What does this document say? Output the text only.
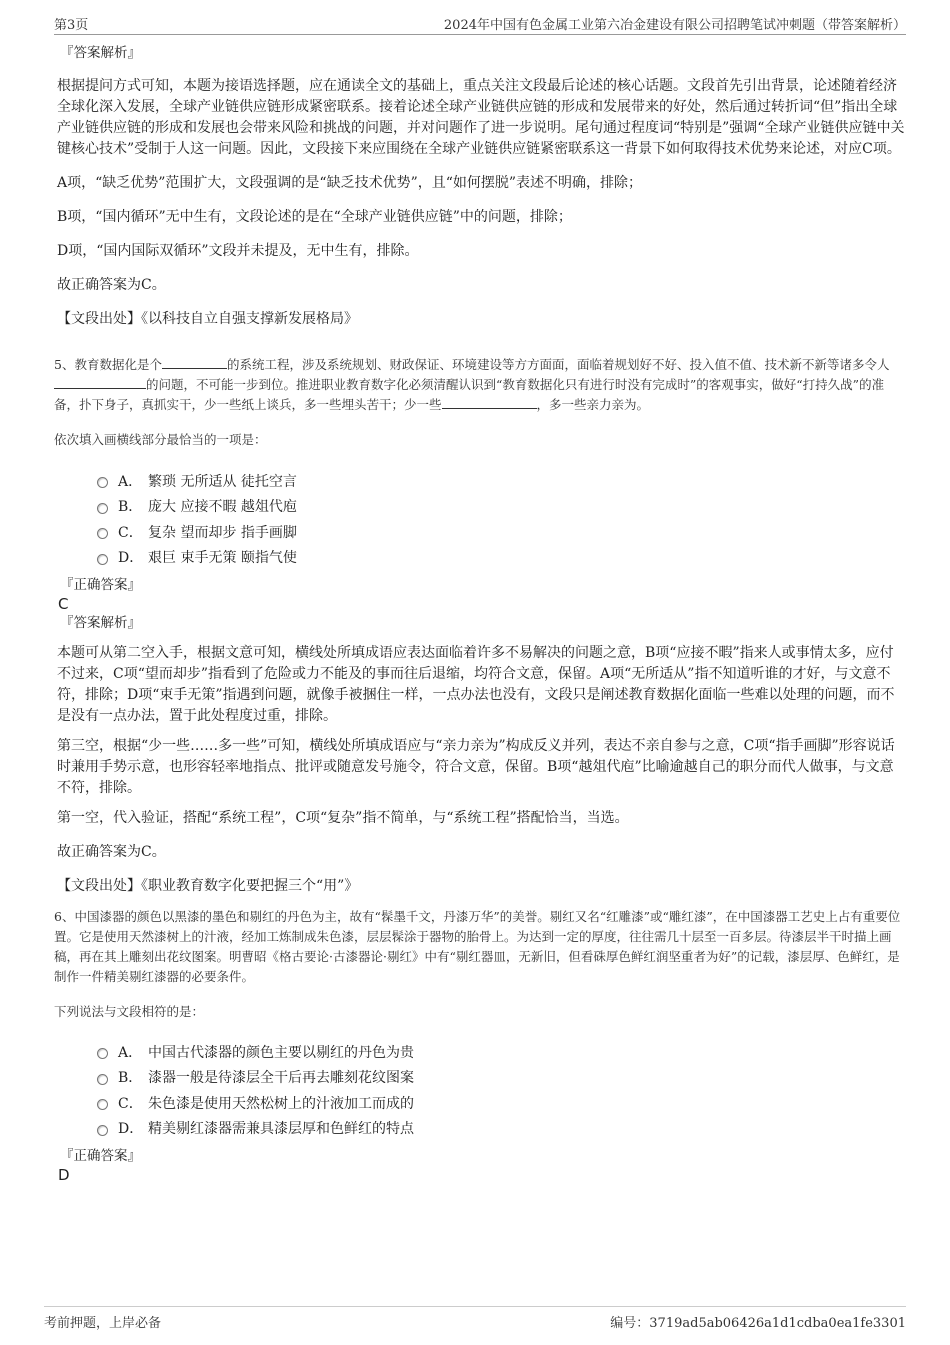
第3页	2024年中国有色金属工业第六冶金建设有限公司招聘笔试冲刺题（带答案解析）
『答案解析』

根据提问方式可知，本题为接语选择题，应在通读全文的基础上，重点关注文段最后论述的核心话题。文段首先引出背景，论述随着经济全球化深入发展，全球产业链供应链形成紧密联系。接着论述全球产业链供应链的形成和发展带来的好处，然后通过转折词“但”指出全球产业链供应链的形成和发展也会带来风险和挑战的问题，并对问题作了进一步说明。尾句通过程度词“特别是”强调“全球产业链供应链中关键核心技术”受制于人这一问题。因此，文段接下来应围绕在全球产业链供应链紧密联系这一背景下如何取得技术优势来论述，对应C项。

A项，“缺乏优势”范围扩大，文段强调的是“缺乏技术优势”，且“如何摆脱”表述不明确，排除；

B项，“国内循环”无中生有，文段论述的是在“全球产业链供应链”中的问题，排除；

D项，“国内国际双循环”文段并未提及，无中生有，排除。

故正确答案为C。

【文段出处】《以科技自立自强支撑新发展格局》

5、教育数据化是个	的系统工程，涉及系统规划、财政保证、环境建设等方方面面，面临着规划好不好、投入值不值、技术新不新等诸多令人的问题，不可能一步到位。推进职业教育数字化必须清醒认识到“教育数据化只有进行时没有完成时”的客观事实，做好“打持久战”的准备，扑下身子，真抓实干，少一些纸上谈兵，多一些埋头苦干；少一些	，多一些亲力亲为。

依次填入画横线部分最恰当的一项是：

A． 繁琐 无所适从 徒托空言
B． 庞大 应接不暇 越俎代庖
C． 复杂 望而却步 指手画脚
D． 艰巨 束手无策 颐指气使
『正确答案』
C
『答案解析』

本题可从第二空入手，根据文意可知，横线处所填成语应表达面临着许多不易解决的问题之意，B项“应接不暇”指来人或事情太多，应付不过来，C项“望而却步”指看到了危险或力不能及的事而往后退缩，均符合文意，保留。A项“无所适从”指不知道听谁的才好，与文意不符，排除；D项“束手无策”指遇到问题，就像手被捆住一样，一点办法也没有，文段只是阐述教育数据化面临一些难以处理的问题，而不是没有一点办法，置于此处程度过重，排除。

第三空，根据“少一些……多一些”可知，横线处所填成语应与“亲力亲为”构成反义并列，表达不亲自参与之意，C项“指手画脚”形容说话时兼用手势示意，也形容轻率地指点、批评或随意发号施令，符合文意，保留。B项“越俎代庖”比喻逾越自己的职分而代人做事，与文意不符，排除。

第一空，代入验证，搭配“系统工程”，C项“复杂”指不简单，与“系统工程”搭配恰当，当选。

故正确答案为C。

【文段出处】《职业教育数字化要把握三个“用”》

6、中国漆器的颜色以黑漆的墨色和剔红的丹色为主，故有“髹墨千文，丹漆万华”的美誉。剔红又名“红雕漆”或“雕红漆”，在中国漆器工艺史上占有重要位置。它是使用天然漆树上的汁液，经加工炼制成朱色漆，层层髹涂于器物的胎骨上。为达到一定的厚度，往往需几十层至一百多层。待漆层半干时描上画稿，再在其上雕刻出花纹图案。明曹昭《格古要论·古漆器论·剔红》中有“剔红器皿，无新旧，但看硃厚色鲜红润坚重者为好”的记载，漆层厚、色鲜红，是制作一件精美剔红漆器的必要条件。

下列说法与文段相符的是：

A． 中国古代漆器的颜色主要以剔红的丹色为贵
B． 漆器一般是待漆层全干后再去雕刻花纹图案
C． 朱色漆是使用天然松树上的汁液加工而成的
D． 精美剔红漆器需兼具漆层厚和色鲜红的特点
『正确答案』
D
考前押题，上岸必备	编号：3719ad5ab06426a1d1cdba0ea1fe3301
